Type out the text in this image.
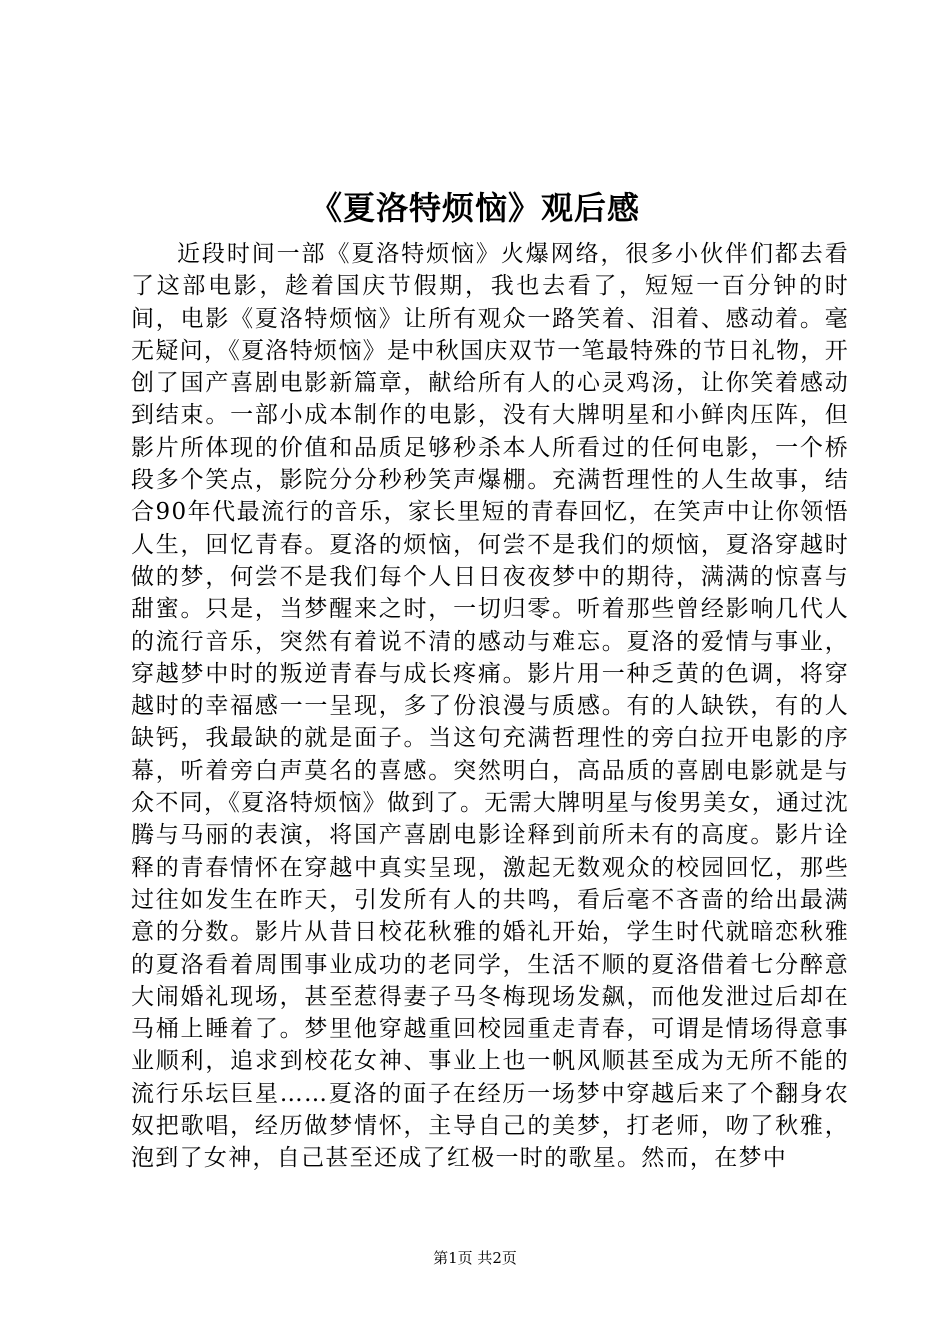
《夏洛特烦恼》观后感

近段时间一部《夏洛特烦恼》火爆网络，很多小伙伴们都去看了这部电影，趁着国庆节假期，我也去看了，短短一百分钟的时间，电影《夏洛特烦恼》让所有观众一路笑着、泪着、感动着。毫无疑问，《夏洛特烦恼》是中秋国庆双节一笔最特殊的节日礼物，开创了国产喜剧电影新篇章，献给所有人的心灵鸡汤，让你笑着感动到结束。一部小成本制作的电影，没有大牌明星和小鲜肉压阵，但影片所体现的价值和品质足够秒杀本人所看过的任何电影，一个桥段多个笑点，影院分分秒秒笑声爆棚。充满哲理性的人生故事，结合90年代最流行的音乐，家长里短的青春回忆，在笑声中让你领悟人生，回忆青春。夏洛的烦恼，何尝不是我们的烦恼，夏洛穿越时做的梦，何尝不是我们每个人日日夜夜梦中的期待，满满的惊喜与甜蜜。只是，当梦醒来之时，一切归零。听着那些曾经影响几代人的流行音乐，突然有着说不清的感动与难忘。夏洛的爱情与事业，穿越梦中时的叛逆青春与成长疼痛。影片用一种乏黄的色调，将穿越时的幸福感一一呈现，多了份浪漫与质感。有的人缺铁，有的人缺钙，我最缺的就是面子。当这句充满哲理性的旁白拉开电影的序幕，听着旁白声莫名的喜感。突然明白，高品质的喜剧电影就是与众不同，《夏洛特烦恼》做到了。无需大牌明星与俊男美女，通过沈腾与马丽的表演，将国产喜剧电影诠释到前所未有的高度。影片诠释的青春情怀在穿越中真实呈现，激起无数观众的校园回忆，那些过往如发生在昨天，引发所有人的共鸣，看后毫不吝啬的给出最满意的分数。影片从昔日校花秋雅的婚礼开始，学生时代就暗恋秋雅的夏洛看着周围事业成功的老同学，生活不顺的夏洛借着七分醉意大闹婚礼现场，甚至惹得妻子马冬梅现场发飙，而他发泄过后却在马桶上睡着了。梦里他穿越重回校园重走青春，可谓是情场得意事业顺利，追求到校花女神、事业上也一帆风顺甚至成为无所不能的流行乐坛巨星……夏洛的面子在经历一场梦中穿越后来了个翻身农奴把歌唱，经历做梦情怀，主导自己的美梦，打老师，吻了秋雅，泡到了女神，自己甚至还成了红极一时的歌星。然而，在梦中

第1页 共2页
